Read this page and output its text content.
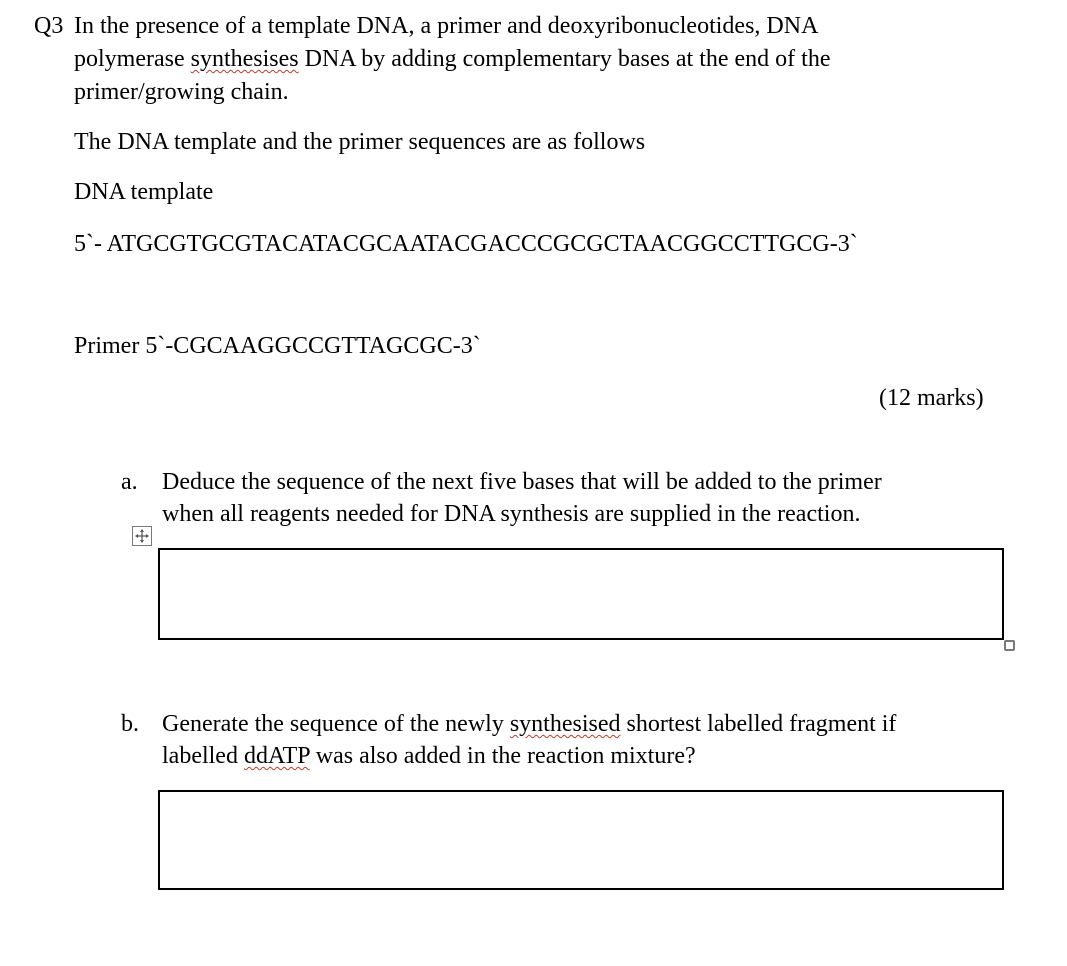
Q3 In the presence of a template DNA, a primer and deoxyribonucleotides, DNA
polymerase synthesises DNA by adding complementary bases at the end of the
primer/growing chain.
The DNA template and the primer sequences are as follows
DNA template
5`- ATGCGTGCGTACATACGCAATACGACCCGCGCTAACGGCCTTGCG-3`
Primer 5`-CGCAAGGCCGTTAGCGC-3`
(12 marks)
a. Deduce the sequence of the next five bases that will be added to the primer
when all reagents needed for DNA synthesis are supplied in the reaction.
b. Generate the sequence of the newly synthesised shortest labelled fragment if
labelled ddATP was also added in the reaction mixture?
